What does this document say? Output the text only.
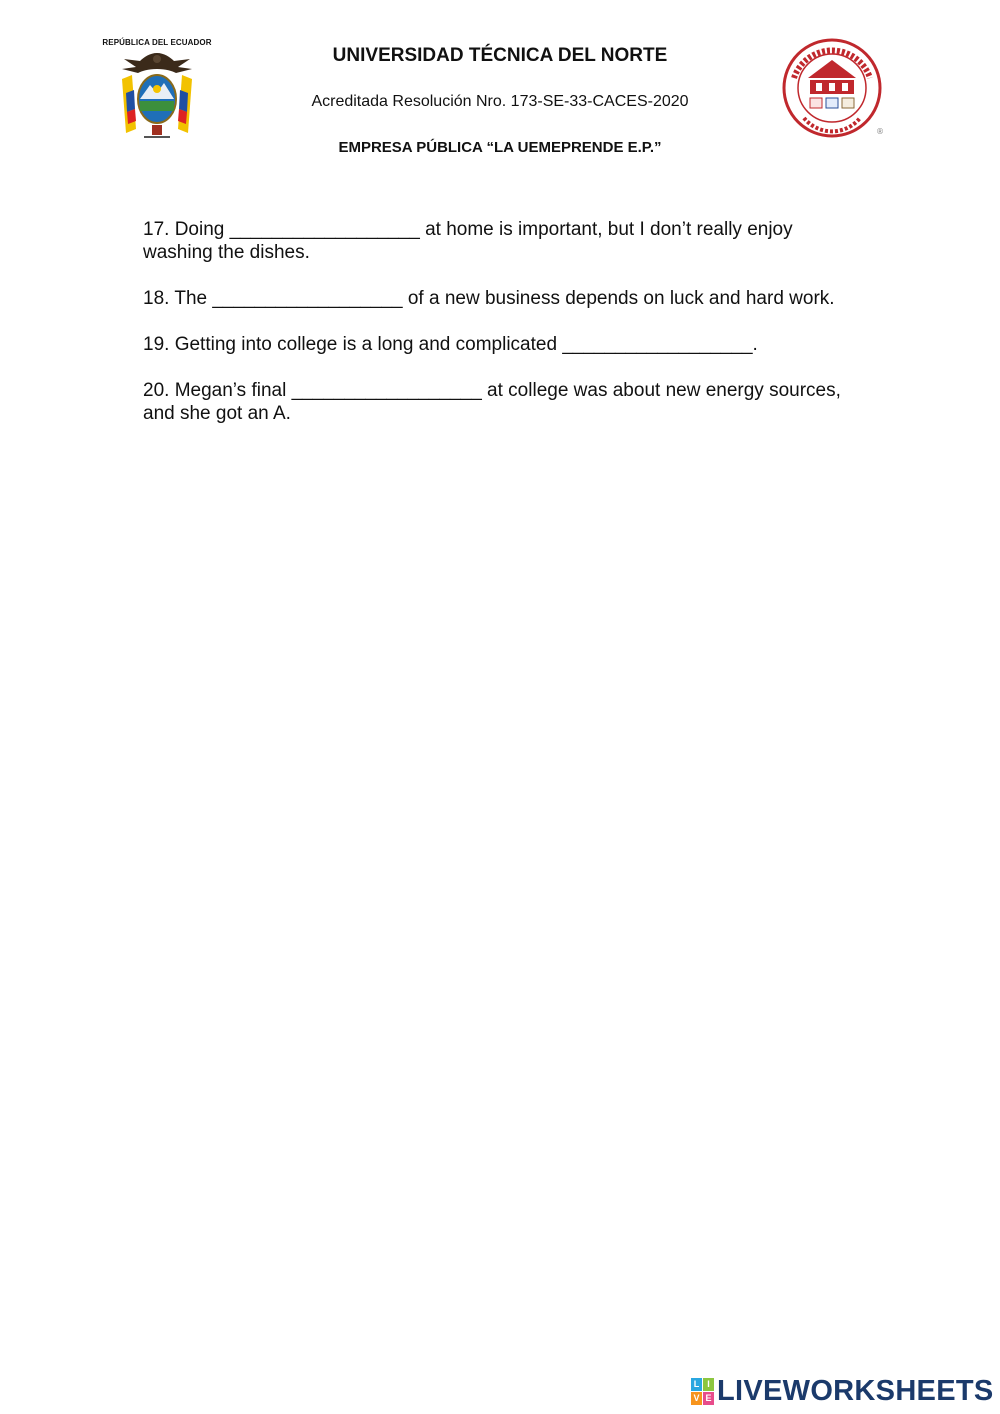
REPÚBLICA DEL ECUADOR
UNIVERSIDAD TÉCNICA DEL NORTE
Acreditada Resolución Nro. 173-SE-33-CACES-2020
EMPRESA PÚBLICA “LA UEMEPRENDE E.P.”
®

17. Doing __________________ at home is important, but I don’t really enjoy washing the dishes.

18. The __________________ of a new business depends on luck and hard work.

19. Getting into college is a long and complicated __________________.

20. Megan’s final __________________ at college was about new energy sources, and she got an A.

L I
V E LIVEWORKSHEETS
